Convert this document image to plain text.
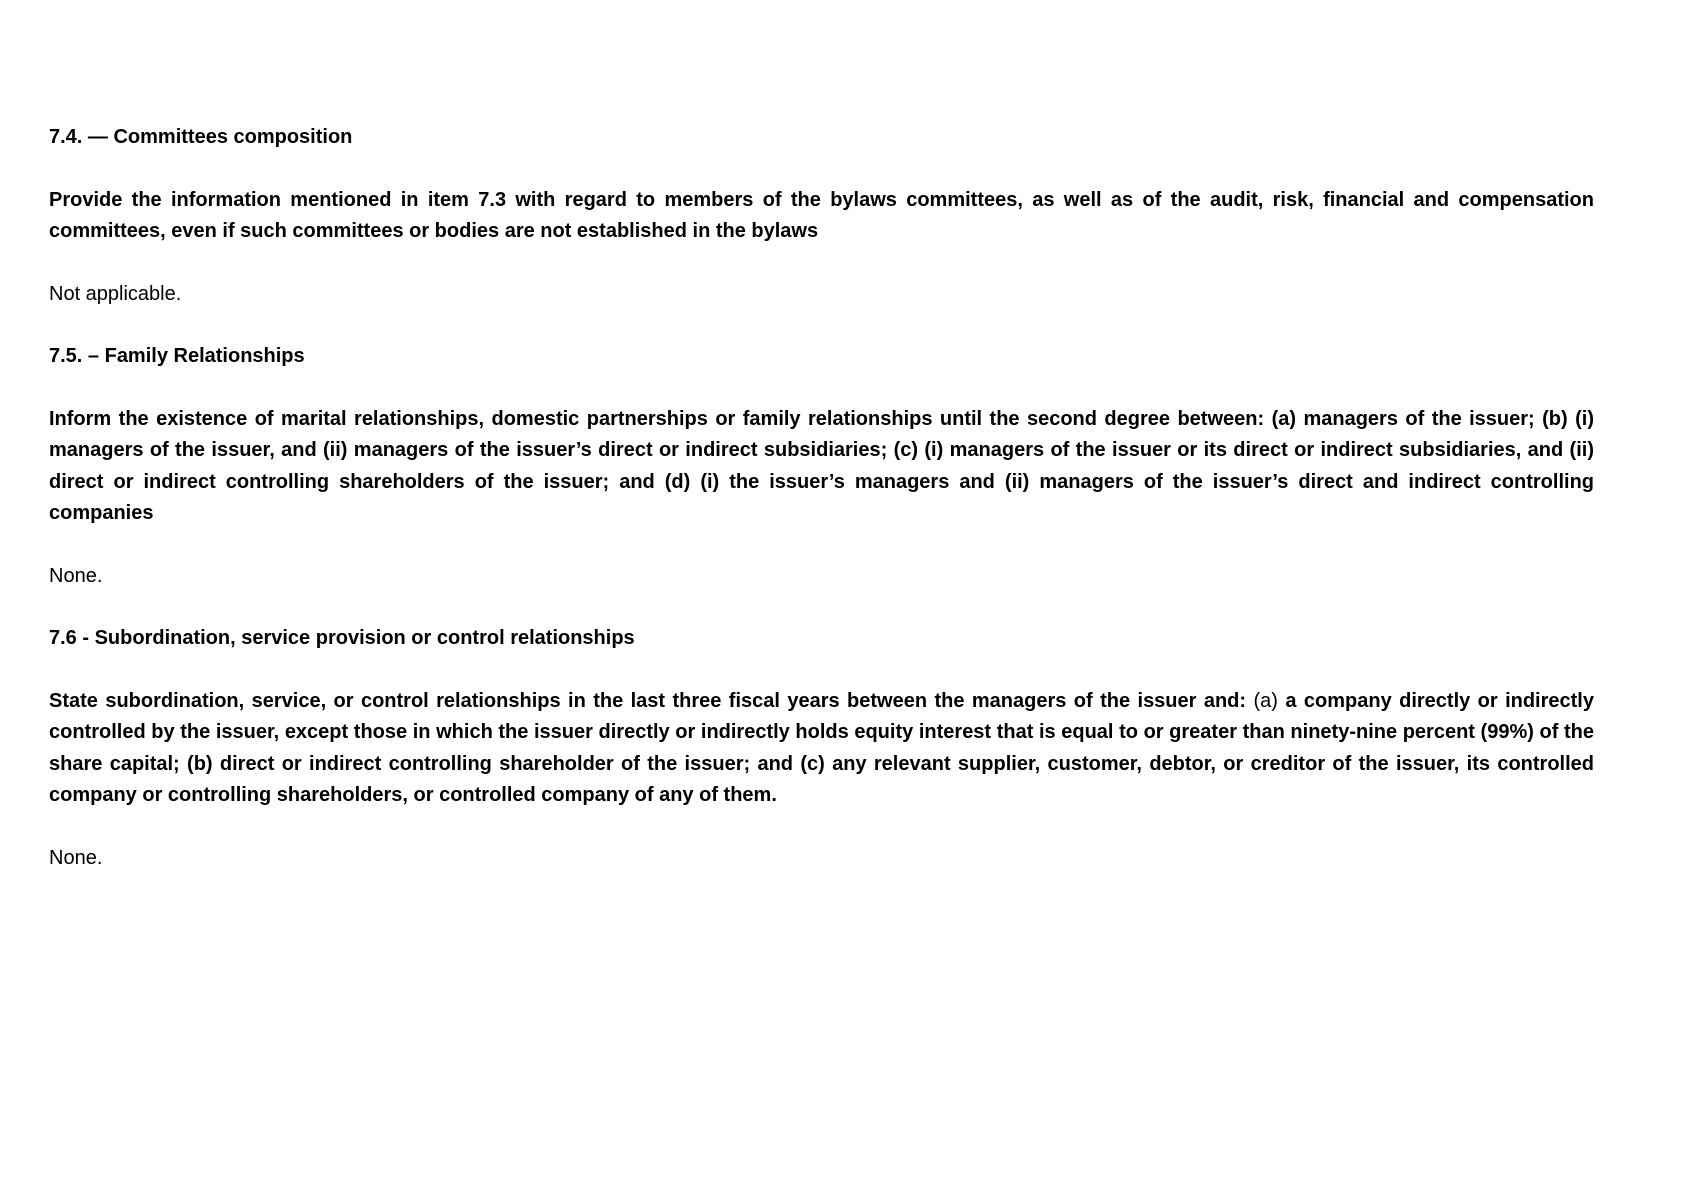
7.4. — Committees composition

Provide the information mentioned in item 7.3 with regard to members of the bylaws committees, as well as of the audit, risk, financial and compensation committees, even if such committees or bodies are not established in the bylaws

Not applicable.

7.5. – Family Relationships

Inform the existence of marital relationships, domestic partnerships or family relationships until the second degree between: (a) managers of the issuer; (b) (i) managers of the issuer, and (ii) managers of the issuer’s direct or indirect subsidiaries; (c) (i) managers of the issuer or its direct or indirect subsidiaries, and (ii) direct or indirect controlling shareholders of the issuer; and (d) (i) the issuer’s managers and (ii) managers of the issuer’s direct and indirect controlling companies

None.

7.6 - Subordination, service provision or control relationships

State subordination, service, or control relationships in the last three fiscal years between the managers of the issuer and: (a) a company directly or indirectly controlled by the issuer, except those in which the issuer directly or indirectly holds equity interest that is equal to or greater than ninety-nine percent (99%) of the share capital; (b) direct or indirect controlling shareholder of the issuer; and (c) any relevant supplier, customer, debtor, or creditor of the issuer, its controlled company or controlling shareholders, or controlled company of any of them.

None.
